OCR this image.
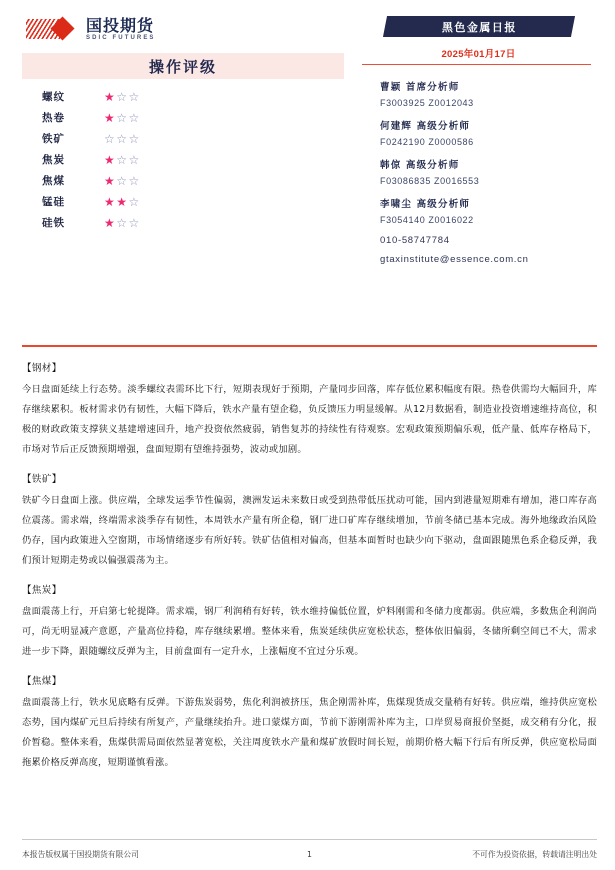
国投期货
SDIC FUTURES
操作评级
螺纹	★☆☆
热卷	★☆☆
铁矿	☆☆☆
焦炭	★☆☆
焦煤	★☆☆
锰硅	★★☆
硅铁	★☆☆
黑色金属日报
2025年01月17日
曹颖 首席分析师
F3003925 Z0012043
何建辉 高级分析师
F0242190 Z0000586
韩倞 高级分析师
F03086835 Z0016553
李啸尘 高级分析师
F3054140 Z0016022
010-58747784
gtaxinstitute@essence.com.cn
【钢材】
今日盘面延续上行态势。淡季螺纹表需环比下行，短期表现好于预期，产量同步回落，库存低位累积幅度有限。热卷供需均大幅回升，库存继续累积。板材需求仍有韧性，大幅下降后，铁水产量有望企稳，负反馈压力明显缓解。从12月数据看，制造业投资增速维持高位，积极的财政政策支撑狭义基建增速回升，地产投资依然疲弱，销售复苏的持续性有待观察。宏观政策预期偏乐观，低产量、低库存格局下，市场对节后正反馈预期增强，盘面短期有望维持强势，波动或加剧。
【铁矿】
铁矿今日盘面上涨。供应端，全球发运季节性偏弱，澳洲发运未来数日或受到热带低压扰动可能，国内到港量短期难有增加，港口库存高位震荡。需求端，终端需求淡季存有韧性，本周铁水产量有所企稳，钢厂进口矿库存继续增加，节前冬储已基本完成。海外地缘政治风险仍存，国内政策进入空窗期，市场情绪逐步有所好转。铁矿估值相对偏高，但基本面暂时也缺少向下驱动，盘面跟随黑色系企稳反弹，我们预计短期走势或以偏强震荡为主。
【焦炭】
盘面震荡上行，开启第七轮提降。需求端，钢厂利润稍有好转，铁水维持偏低位置，炉料刚需和冬储力度都弱。供应端，多数焦企利润尚可，尚无明显减产意愿，产量高位持稳，库存继续累增。整体来看，焦炭延续供应宽松状态，整体依旧偏弱，冬储所剩空间已不大，需求进一步下降，跟随螺纹反弹为主，目前盘面有一定升水，上涨幅度不宜过分乐观。
【焦煤】
盘面震荡上行，铁水见底略有反弹。下游焦炭弱势，焦化利润被挤压，焦企刚需补库，焦煤现货成交量稍有好转。供应端，维持供应宽松态势，国内煤矿元旦后持续有所复产，产量继续抬升。进口蒙煤方面，节前下游刚需补库为主，口岸贸易商报价坚挺，成交稍有分化，报价暂稳。整体来看，焦煤供需局面依然显著宽松，关注周度铁水产量和煤矿放假时间长短，前期价格大幅下行后有所反弹，供应宽松局面拖累价格反弹高度，短期谨慎看涨。
本报告版权属于国投期货有限公司	1	不可作为投资依据，转载请注明出处
